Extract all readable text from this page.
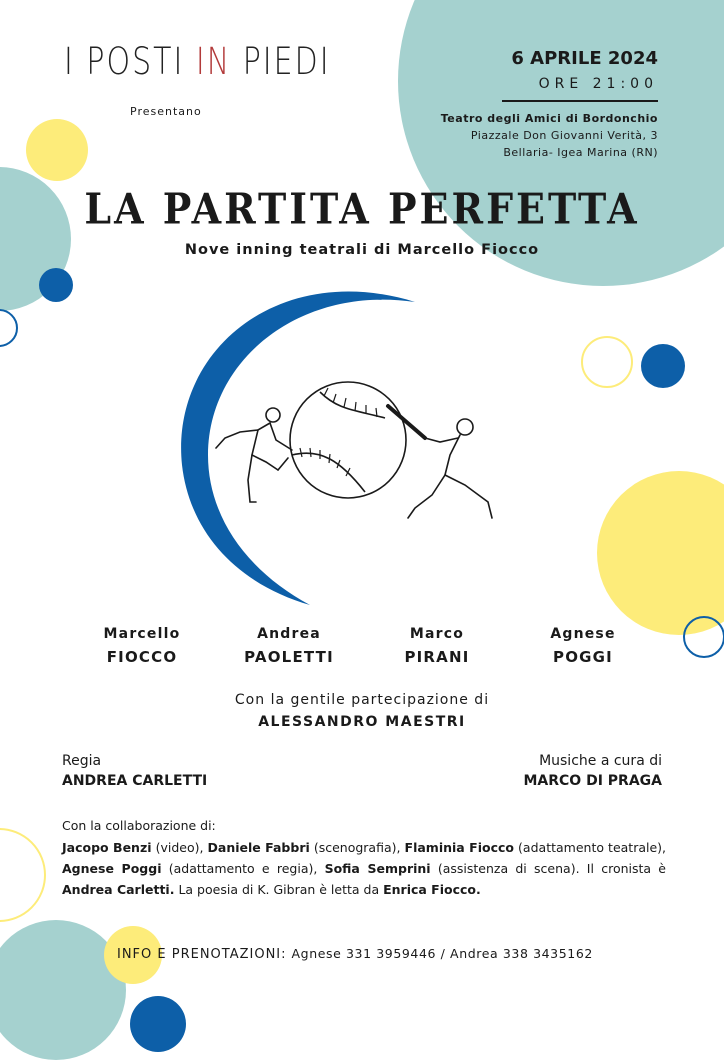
I POSTI IN PIEDI
Presentano
6 APRILE 2024
ORE 21:00
Teatro degli Amici di Bordonchio
Piazzale Don Giovanni Verità, 3
Bellaria- Igea Marina (RN)
LA PARTITA PERFETTA
Nove inning teatrali di Marcello Fiocco
Marcello
FIOCCO
Andrea
PAOLETTI
Marco
PIRANI
Agnese
POGGI
Con la gentile partecipazione di
ALESSANDRO MAESTRI
Regia
ANDREA CARLETTI
Musiche a cura di
MARCO DI PRAGA
Con la collaborazione di:
Jacopo Benzi (video), Daniele Fabbri (scenografia), Flaminia Fiocco (adattamento teatrale), Agnese Poggi (adattamento e regia), Sofia Semprini (assistenza di scena). Il cronista è Andrea Carletti. La poesia di K. Gibran è letta da Enrica Fiocco.
INFO E PRENOTAZIONI: Agnese 331 3959446 / Andrea 338 3435162
